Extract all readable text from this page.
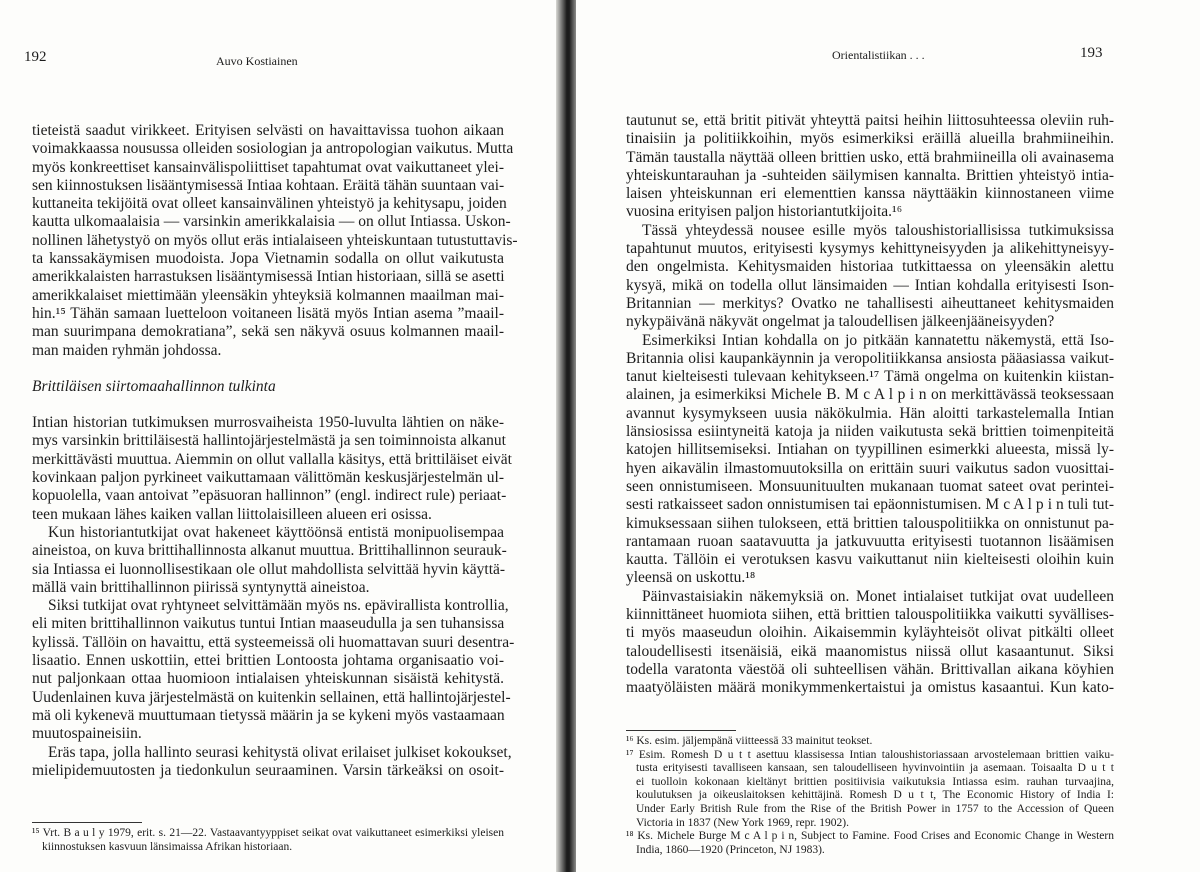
192	Auvo Kostiainen

tieteistä saadut virikkeet. Erityisen selvästi on havaittavissa tuohon aikaan
voimakkaassa nousussa olleiden sosiologian ja antropologian vaikutus. Mutta
myös konkreettiset kansainvälispoliittiset tapahtumat ovat vaikuttaneet ylei-
sen kiinnostuksen lisääntymisessä Intiaa kohtaan. Eräitä tähän suuntaan vai-
kuttaneita tekijöitä ovat olleet kansainvälinen yhteistyö ja kehitysapu, joiden
kautta ulkomaalaisia — varsinkin amerikkalaisia — on ollut Intiassa. Uskon-
nollinen lähetystyö on myös ollut eräs intialaiseen yhteiskuntaan tutustuttavis-
ta kanssakäymisen muodoista. Jopa Vietnamin sodalla on ollut vaikutusta
amerikkalaisten harrastuksen lisääntymisessä Intian historiaan, sillä se asetti
amerikkalaiset miettimään yleensäkin yhteyksiä kolmannen maailman mai-
hin.¹⁵ Tähän samaan luetteloon voitaneen lisätä myös Intian asema ”maail-
man suurimpana demokratiana”, sekä sen näkyvä osuus kolmannen maail-
man maiden ryhmän johdossa.

Brittiläisen siirtomaahallinnon tulkinta

Intian historian tutkimuksen murrosvaiheista 1950-luvulta lähtien on näke-
mys varsinkin brittiläisestä hallintojärjestelmästä ja sen toiminnoista alkanut
merkittävästi muuttua. Aiemmin on ollut vallalla käsitys, että brittiläiset eivät
kovinkaan paljon pyrkineet vaikuttamaan välittömän keskusjärjestelmän ul-
kopuolella, vaan antoivat ”epäsuoran hallinnon” (engl. indirect rule) periaat-
teen mukaan lähes kaiken vallan liittolaisilleen alueen eri osissa.

Kun historiantutkijat ovat hakeneet käyttöönsä entistä monipuolisempaa
aineistoa, on kuva brittihallinnosta alkanut muuttua. Brittihallinnon seurauk-
sia Intiassa ei luonnollisestikaan ole ollut mahdollista selvittää hyvin käyttä-
mällä vain brittihallinnon piirissä syntynyttä aineistoa.

Siksi tutkijat ovat ryhtyneet selvittämään myös ns. epävirallista kontrollia,
eli miten brittihallinnon vaikutus tuntui Intian maaseudulla ja sen tuhansissa
kylissä. Tällöin on havaittu, että systeemeissä oli huomattavan suuri desentra-
lisaatio. Ennen uskottiin, ettei brittien Lontoosta johtama organisaatio voi-
nut paljonkaan ottaa huomioon intialaisen yhteiskunnan sisäistä kehitystä.
Uudenlainen kuva järjestelmästä on kuitenkin sellainen, että hallintojärjestel-
mä oli kykenevä muuttumaan tietyssä määrin ja se kykeni myös vastaamaan
muutospaineisiin.

Eräs tapa, jolla hallinto seurasi kehitystä olivat erilaiset julkiset kokoukset,
mielipidemuutosten ja tiedonkulun seuraaminen. Varsin tärkeäksi on osoit-

¹⁵ Vrt. B a u l y 1979, erit. s. 21—22. Vastaavantyyppiset seikat ovat vaikuttaneet esimerkiksi yleisen
kiinnostuksen kasvuun länsimaissa Afrikan historiaan.
Orientalistiikan . . .	193

tautunut se, että britit pitivät yhteyttä paitsi heihin liittosuhteessa oleviin ruh-
tinaisiin ja politiikkoihin, myös esimerkiksi eräillä alueilla brahmiineihin.
Tämän taustalla näyttää olleen brittien usko, että brahmiineilla oli avainasema
yhteiskuntarauhan ja -suhteiden säilymisen kannalta. Brittien yhteistyö intia-
laisen yhteiskunnan eri elementtien kanssa näyttääkin kiinnostaneen viime
vuosina erityisen paljon historiantutkijoita.¹⁶

Tässä yhteydessä nousee esille myös taloushistoriallisissa tutkimuksissa
tapahtunut muutos, erityisesti kysymys kehittyneisyyden ja alikehittyneisyy-
den ongelmista. Kehitysmaiden historiaa tutkittaessa on yleensäkin alettu
kysyä, mikä on todella ollut länsimaiden — Intian kohdalla erityisesti Ison-
Britannian — merkitys? Ovatko ne tahallisesti aiheuttaneet kehitysmaiden
nykypäivänä näkyvät ongelmat ja taloudellisen jälkeenjääneisyyden?

Esimerkiksi Intian kohdalla on jo pitkään kannatettu näkemystä, että Iso-
Britannia olisi kaupankäynnin ja veropolitiikkansa ansiosta pääasiassa vaikut-
tanut kielteisesti tulevaan kehitykseen.¹⁷ Tämä ongelma on kuitenkin kiistan-
alainen, ja esimerkiksi Michele B. M c A l p i n on merkittävässä teoksessaan
avannut kysymykseen uusia näkökulmia. Hän aloitti tarkastelemalla Intian
länsiosissa esiintyneitä katoja ja niiden vaikutusta sekä brittien toimenpiteitä
katojen hillitsemiseksi. Intiahan on tyypillinen esimerkki alueesta, missä ly-
hyen aikavälin ilmastomuutoksilla on erittäin suuri vaikutus sadon vuosittai-
seen onnistumiseen. Monsuunituulten mukanaan tuomat sateet ovat perintei-
sesti ratkaisseet sadon onnistumisen tai epäonnistumisen. M c A l p i n tuli tut-
kimuksessaan siihen tulokseen, että brittien talouspolitiikka on onnistunut pa-
rantamaan ruoan saatavuutta ja jatkuvuutta erityisesti tuotannon lisäämisen
kautta. Tällöin ei verotuksen kasvu vaikuttanut niin kielteisesti oloihin kuin
yleensä on uskottu.¹⁸

Päinvastaisiakin näkemyksiä on. Monet intialaiset tutkijat ovat uudelleen
kiinnittäneet huomiota siihen, että brittien talouspolitiikka vaikutti syvällises-
ti myös maaseudun oloihin. Aikaisemmin kyläyhteisöt olivat pitkälti olleet
taloudellisesti itsenäisiä, eikä maanomistus niissä ollut kasaantunut. Siksi
todella varatonta väestöä oli suhteellisen vähän. Brittivallan aikana köyhien
maatyöläisten määrä monikymmenkertaistui ja omistus kasaantui. Kun kato-

¹⁶ Ks. esim. jäljempänä viitteessä 33 mainitut teokset.
¹⁷ Esim. Romesh D u t t asettuu klassisessa Intian taloushistoriassaan arvostelemaan brittien vaiku-
tusta erityisesti tavalliseen kansaan, sen taloudelliseen hyvinvointiin ja asemaan. Toisaalta D u t t
ei tuolloin kokonaan kieltänyt brittien positiivisia vaikutuksia Intiassa esim. rauhan turvaajina,
koulutuksen ja oikeuslaitoksen kehittäjinä. Romesh D u t t, The Economic History of India I:
Under Early British Rule from the Rise of the British Power in 1757 to the Accession of Queen
Victoria in 1837 (New York 1969, repr. 1902).
¹⁸ Ks. Michele Burge M c A l p i n, Subject to Famine. Food Crises and Economic Change in Western
India, 1860—1920 (Princeton, NJ 1983).
